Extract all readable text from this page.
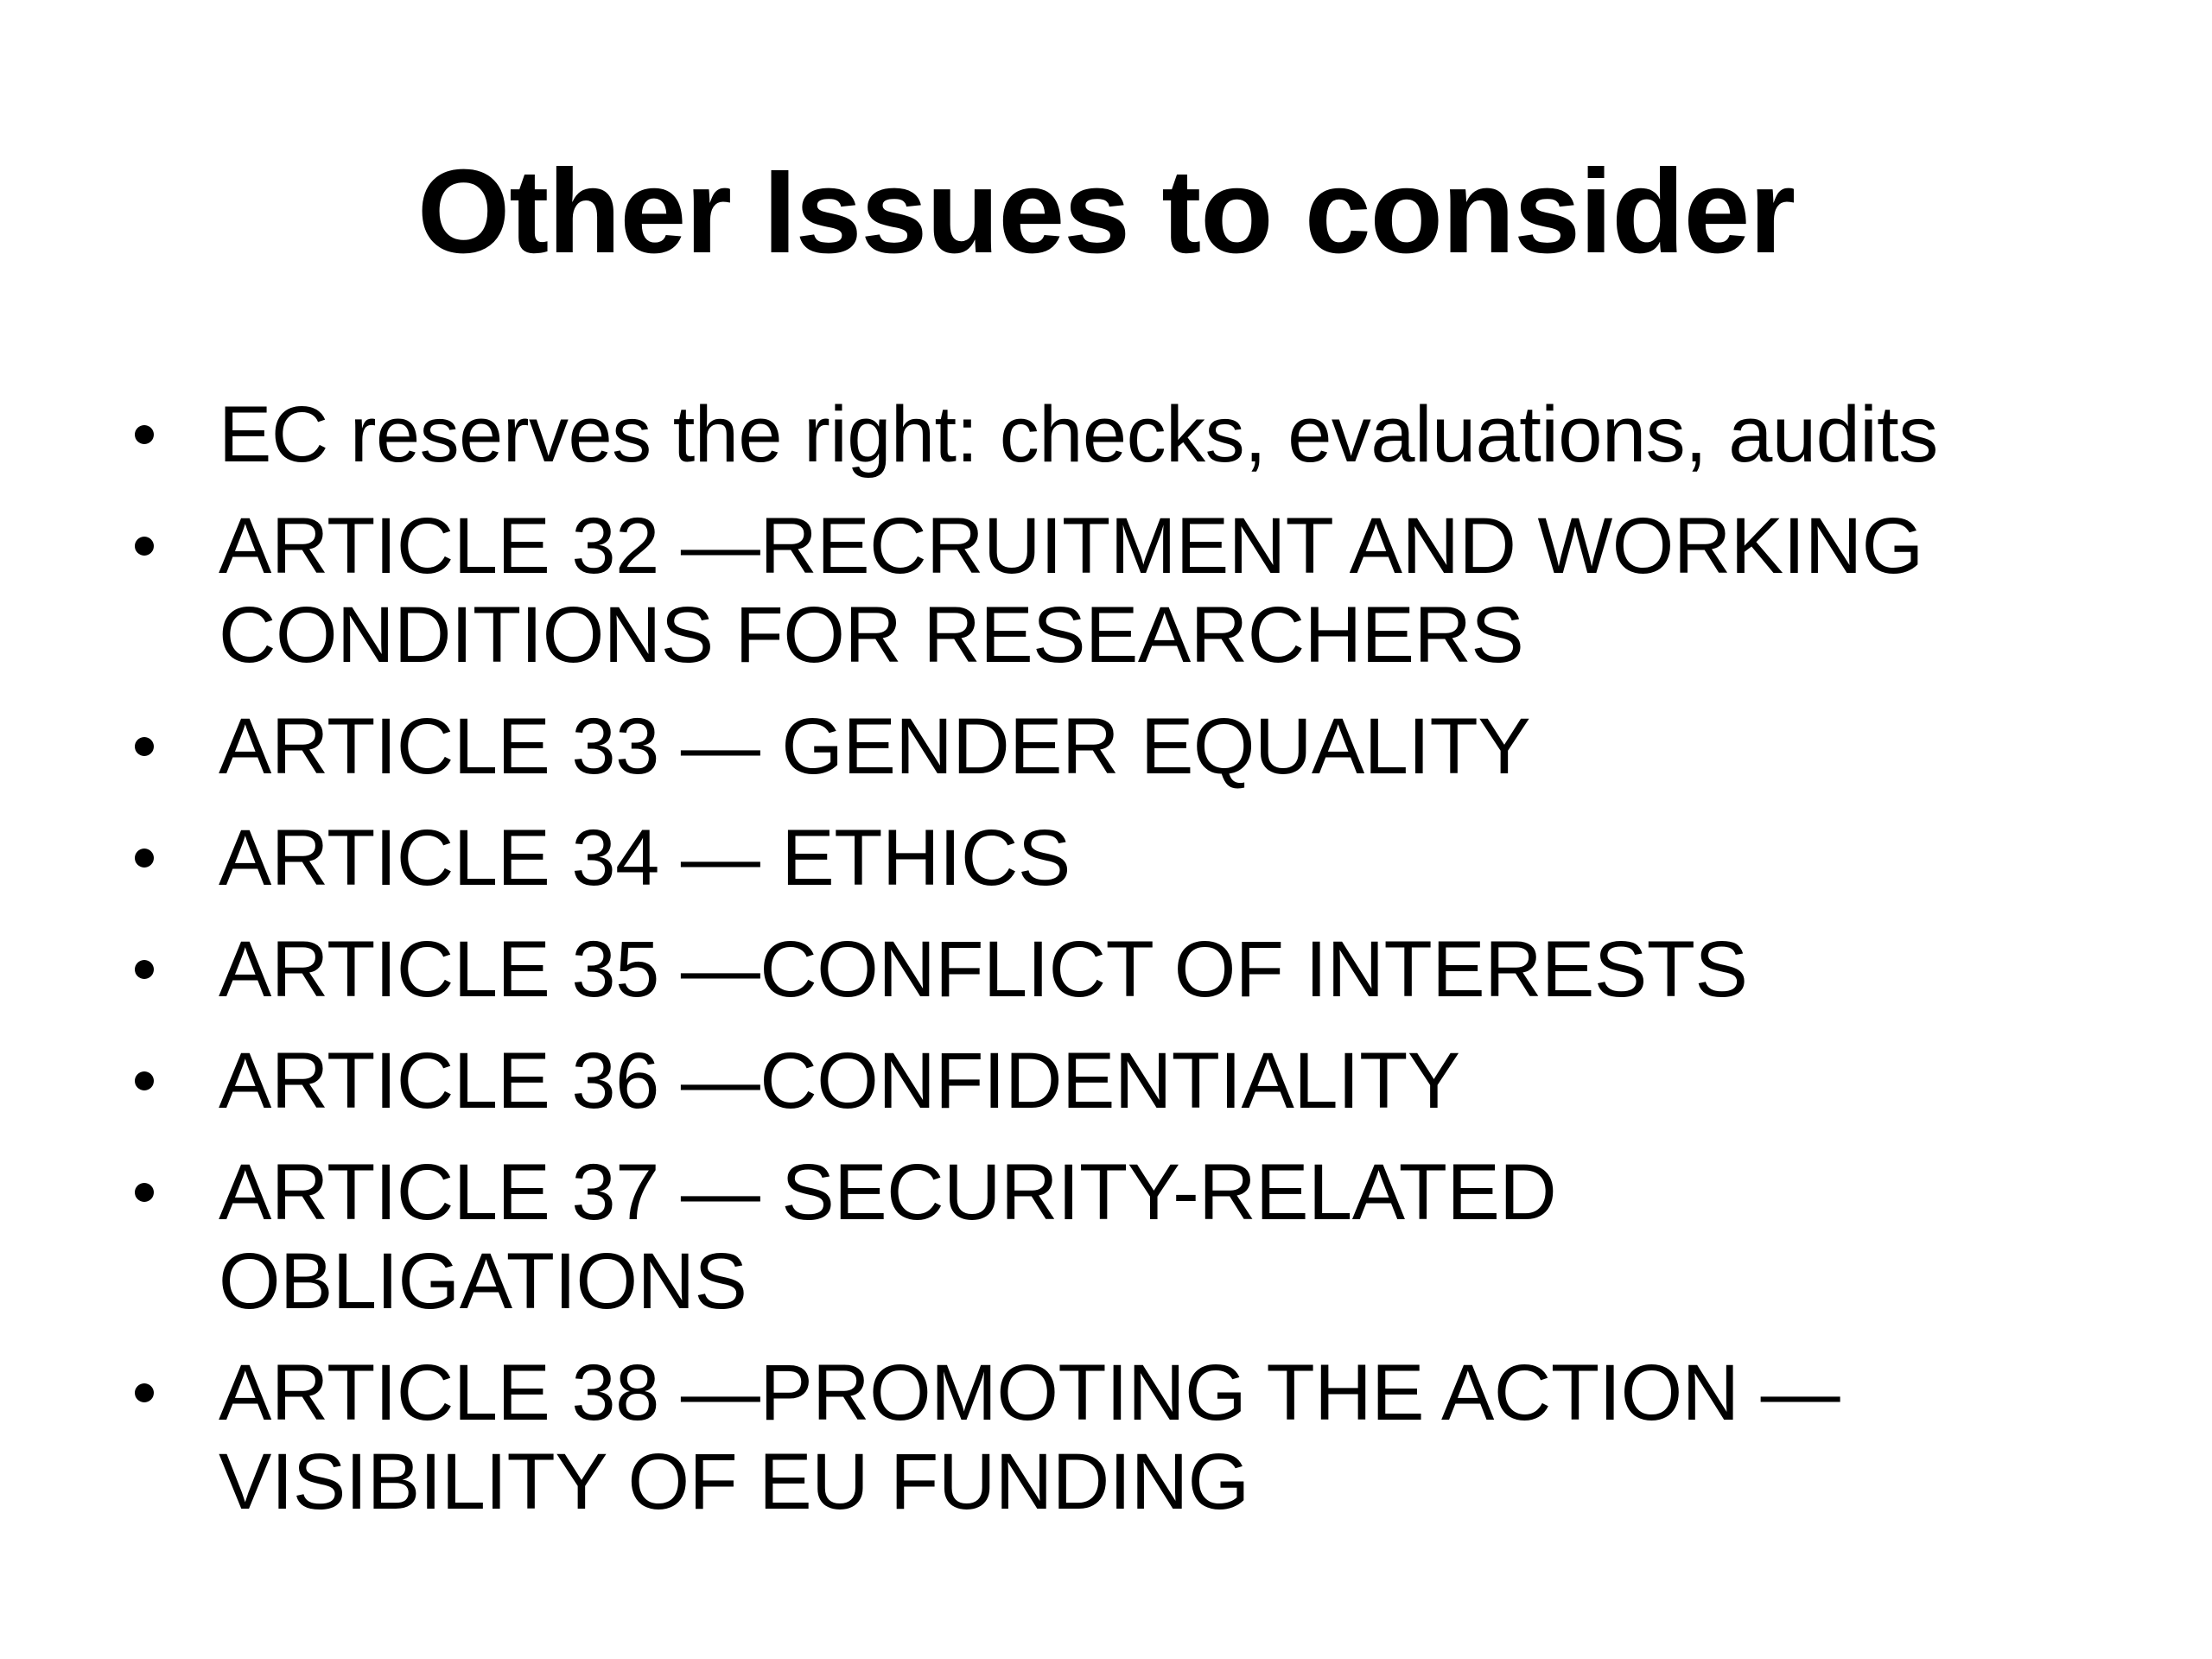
Other Issues to consider
EC reserves the right: checks, evaluations, audits
ARTICLE 32 —RECRUITMENT AND WORKING CONDITIONS FOR RESEARCHERS
ARTICLE 33 — GENDER EQUALITY
ARTICLE 34 — ETHICS
ARTICLE 35 —CONFLICT OF INTERESTS
ARTICLE 36 —CONFIDENTIALITY
ARTICLE 37 — SECURITY-RELATED OBLIGATIONS
ARTICLE 38 —PROMOTING THE ACTION — VISIBILITY OF EU FUNDING
